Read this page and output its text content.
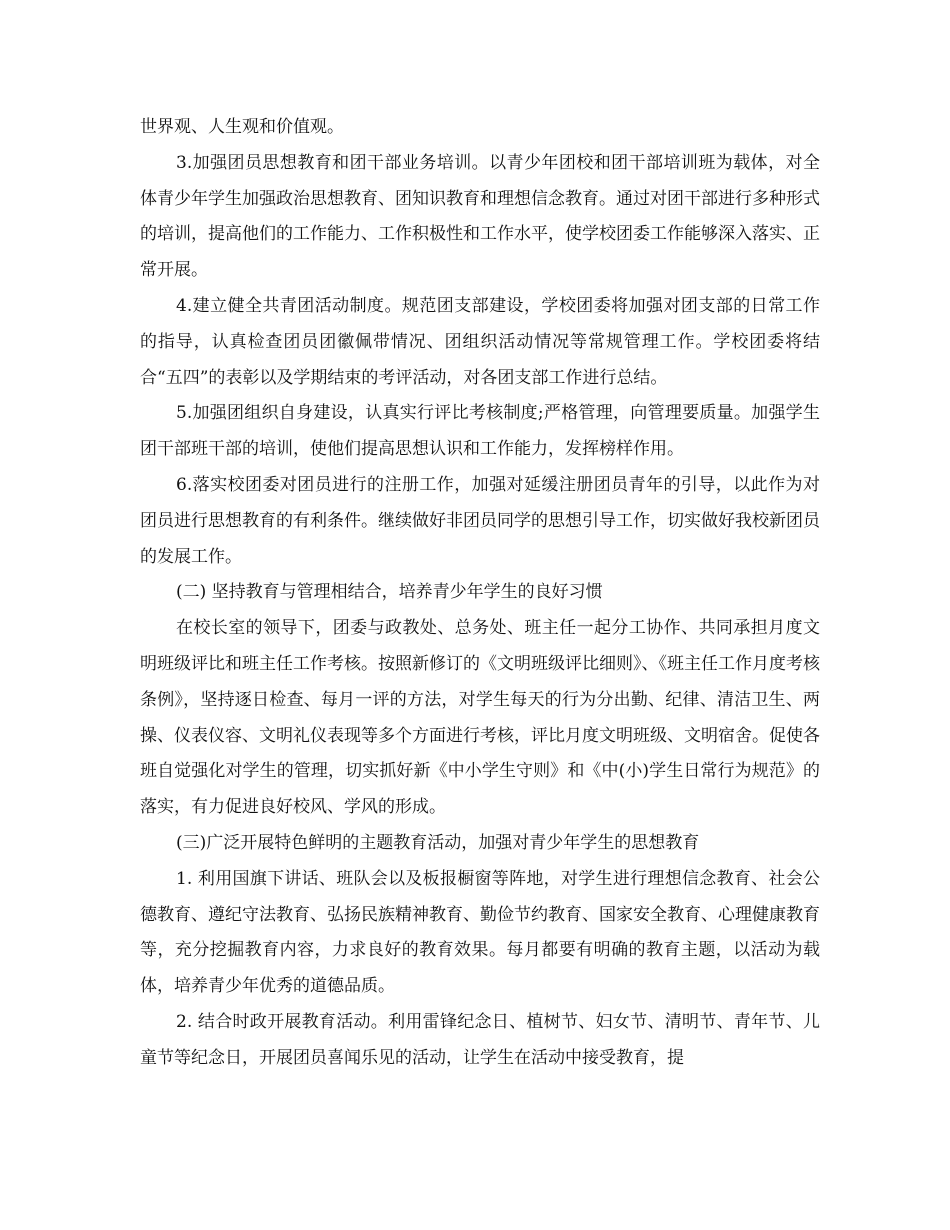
世界观、人生观和价值观。

3.加强团员思想教育和团干部业务培训。以青少年团校和团干部培训班为载体，对全体青少年学生加强政治思想教育、团知识教育和理想信念教育。通过对团干部进行多种形式的培训，提高他们的工作能力、工作积极性和工作水平，使学校团委工作能够深入落实、正常开展。

4.建立健全共青团活动制度。规范团支部建设，学校团委将加强对团支部的日常工作的指导，认真检查团员团徽佩带情况、团组织活动情况等常规管理工作。学校团委将结合“五四”的表彰以及学期结束的考评活动，对各团支部工作进行总结。

5.加强团组织自身建设，认真实行评比考核制度;严格管理，向管理要质量。加强学生团干部班干部的培训，使他们提高思想认识和工作能力，发挥榜样作用。

6.落实校团委对团员进行的注册工作，加强对延缓注册团员青年的引导，以此作为对团员进行思想教育的有利条件。继续做好非团员同学的思想引导工作，切实做好我校新团员的发展工作。

(二) 坚持教育与管理相结合，培养青少年学生的良好习惯

在校长室的领导下，团委与政教处、总务处、班主任一起分工协作、共同承担月度文明班级评比和班主任工作考核。按照新修订的《文明班级评比细则》、《班主任工作月度考核条例》，坚持逐日检查、每月一评的方法，对学生每天的行为分出勤、纪律、清洁卫生、两操、仪表仪容、文明礼仪表现等多个方面进行考核，评比月度文明班级、文明宿舍。促使各班自觉强化对学生的管理，切实抓好新《中小学生守则》和《中(小)学生日常行为规范》的落实，有力促进良好校风、学风的形成。

(三)广泛开展特色鲜明的主题教育活动，加强对青少年学生的思想教育

1. 利用国旗下讲话、班队会以及板报橱窗等阵地，对学生进行理想信念教育、社会公德教育、遵纪守法教育、弘扬民族精神教育、勤俭节约教育、国家安全教育、心理健康教育等，充分挖掘教育内容，力求良好的教育效果。每月都要有明确的教育主题，以活动为载体，培养青少年优秀的道德品质。

2. 结合时政开展教育活动。利用雷锋纪念日、植树节、妇女节、清明节、青年节、儿童节等纪念日，开展团员喜闻乐见的活动，让学生在活动中接受教育，提
